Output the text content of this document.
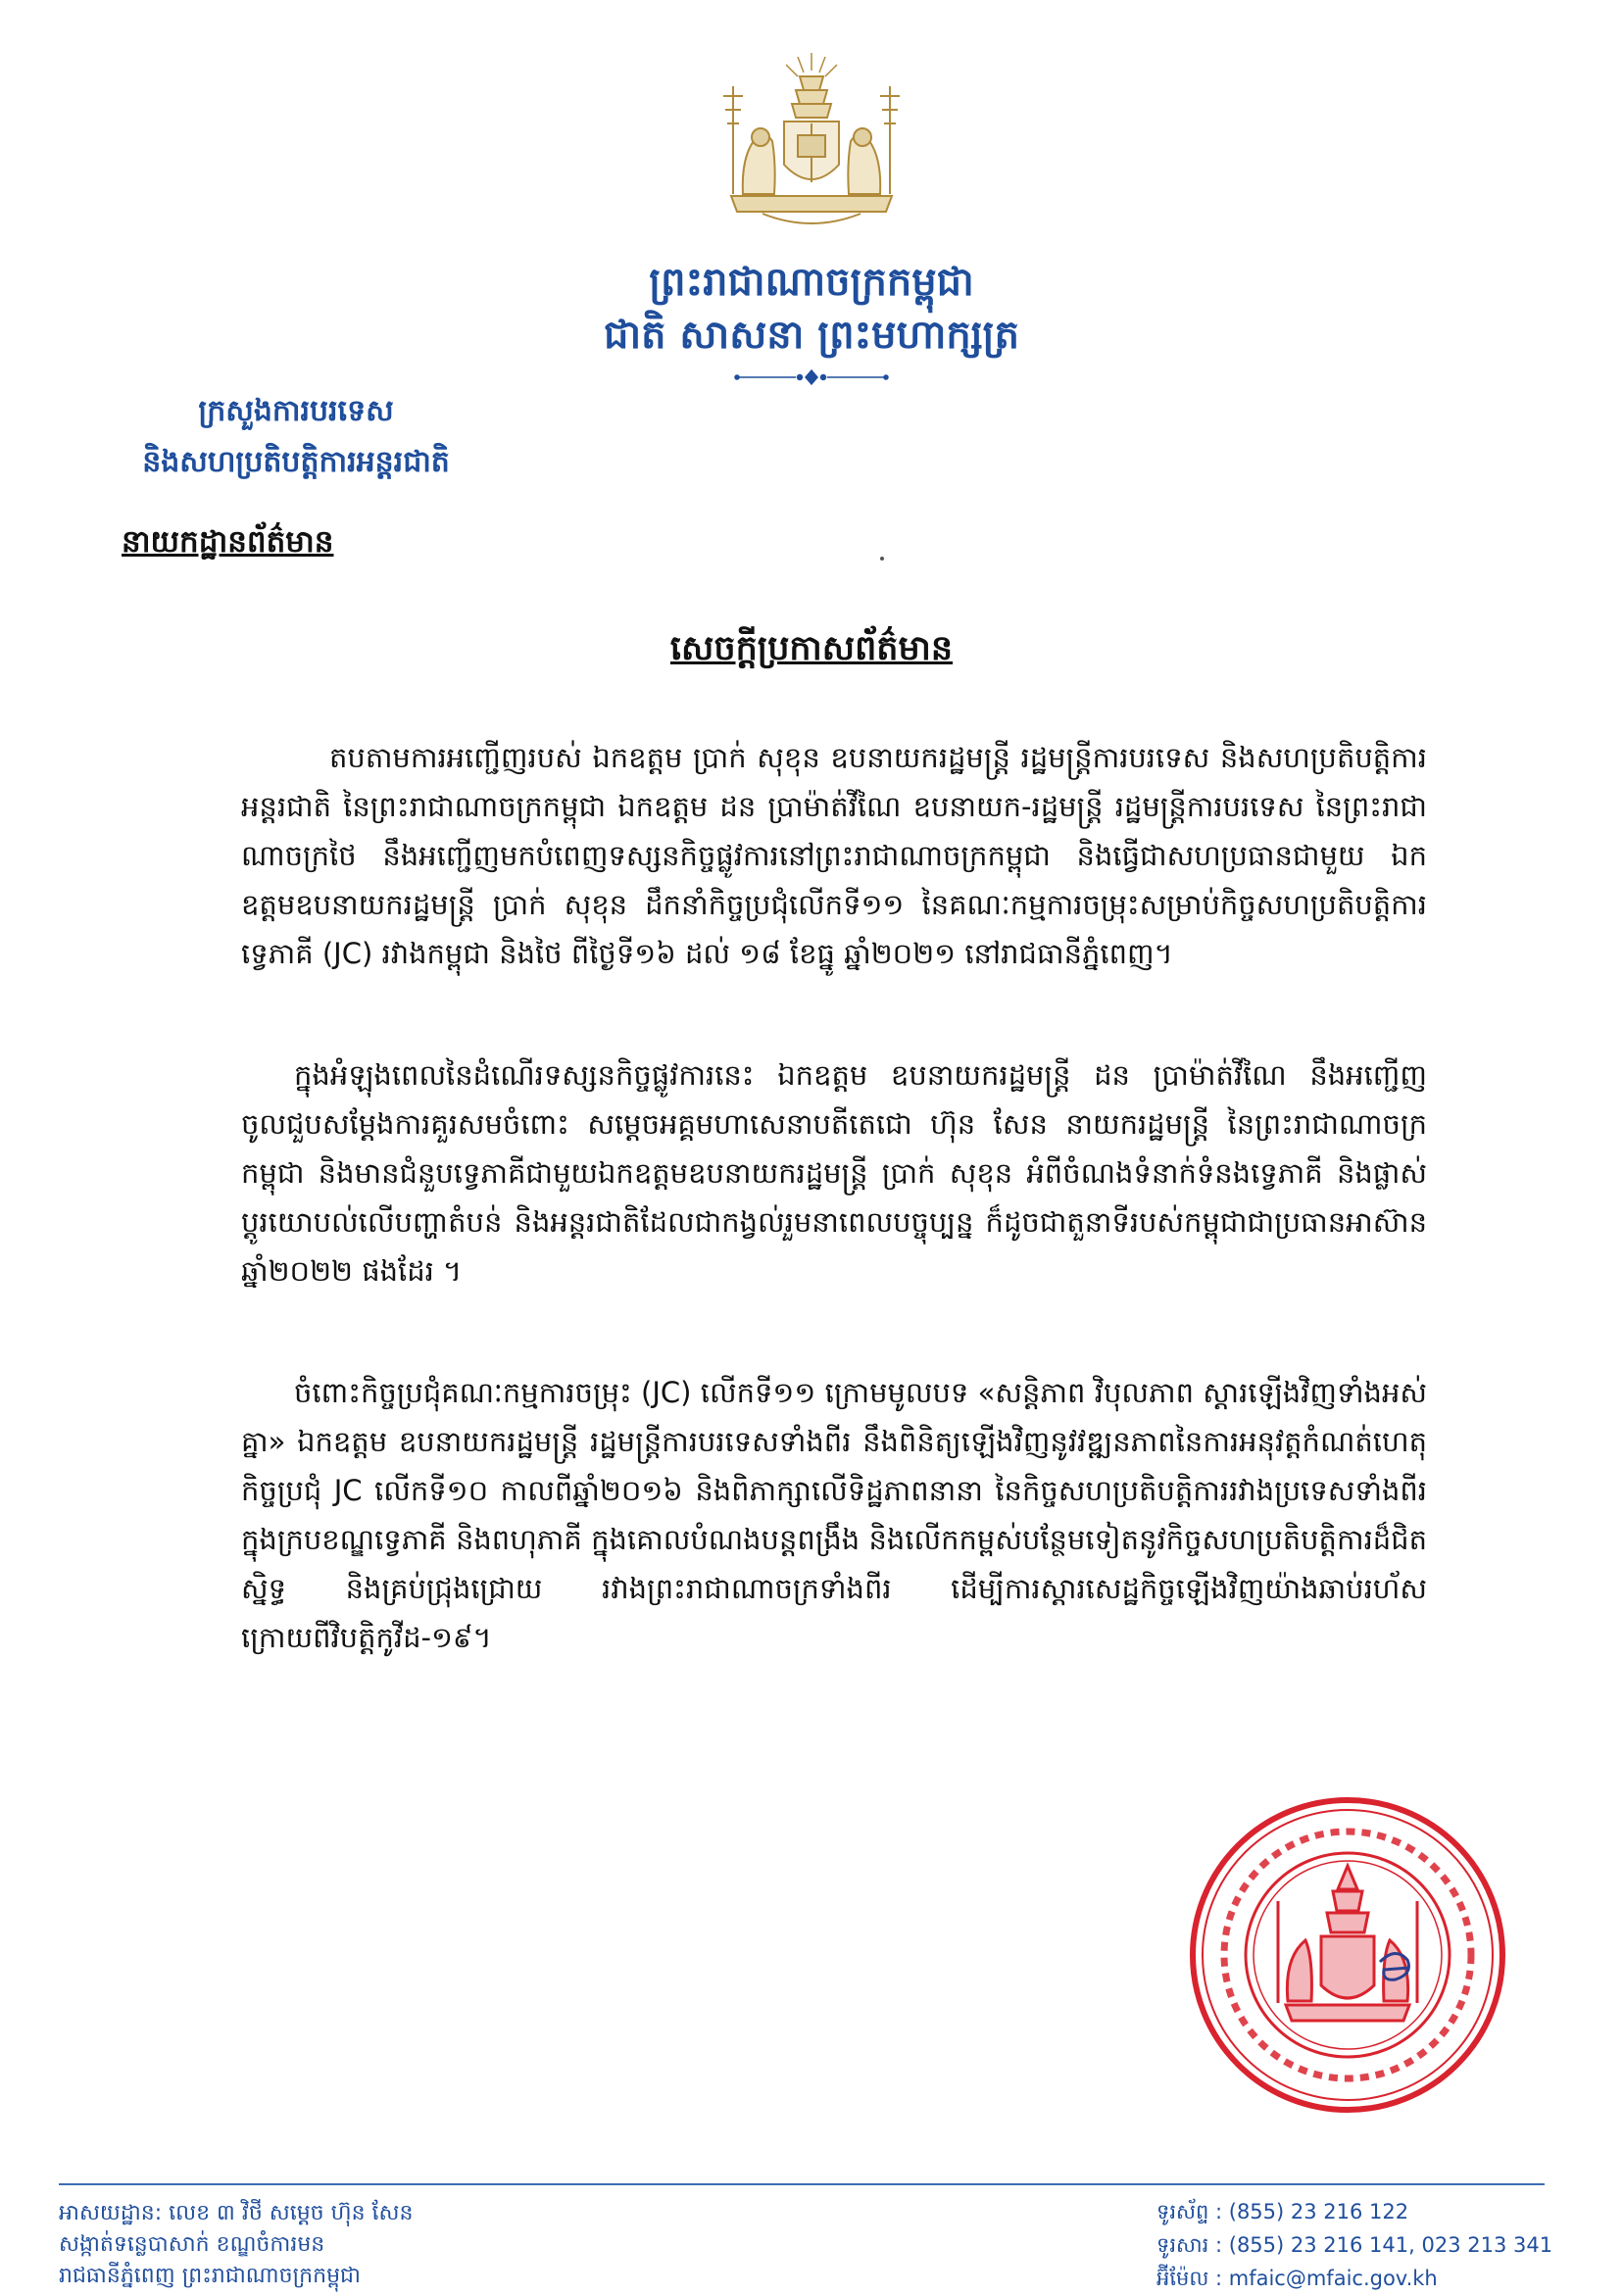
ព្រះរាជាណាចក្រកម្ពុជា
ជាតិ សាសនា ព្រះមហាក្សត្រ
ក្រសួងការបរទេស
និងសហប្រតិបត្តិការអន្តរជាតិ
នាយកដ្ឋានព័ត៌មាន
សេចក្ដីប្រកាសព័ត៌មាន

តបតាមការអញ្ជើញរបស់ ឯកឧត្តម ប្រាក់ សុខុន ឧបនាយករដ្ឋមន្ត្រី រដ្ឋមន្ត្រីការបរទេស និងសហប្រតិបត្តិការអន្តរជាតិ នៃព្រះរាជាណាចក្រកម្ពុជា ឯកឧត្តម ដន ប្រាម៉ាត់វីណៃ ឧបនាយក-រដ្ឋមន្ត្រី រដ្ឋមន្ត្រីការបរទេស នៃព្រះរាជាណាចក្រថៃ នឹងអញ្ជើញមកបំពេញទស្សនកិច្ចផ្លូវការនៅព្រះរាជាណាចក្រកម្ពុជា និងធ្វើជាសហប្រធានជាមួយ ឯកឧត្តមឧបនាយករដ្ឋមន្ត្រី ប្រាក់ សុខុន ដឹកនាំកិច្ចប្រជុំលើកទី១១ នៃគណៈកម្មការចម្រុះសម្រាប់កិច្ចសហប្រតិបត្តិការទ្វេភាគី (JC) រវាងកម្ពុជា និងថៃ ពីថ្ងៃទី១៦ ដល់ ១៨ ខែធ្នូ ឆ្នាំ២០២១ នៅរាជធានីភ្នំពេញ។

ក្នុងអំឡុងពេលនៃដំណើរទស្សនកិច្ចផ្លូវការនេះ ឯកឧត្តម ឧបនាយករដ្ឋមន្ត្រី ដន ប្រាម៉ាត់វីណៃ នឹងអញ្ជើញចូលជួបសម្ដែងការគួរសមចំពោះ សម្ដេចអគ្គមហាសេនាបតីតេជោ ហ៊ុន សែន នាយករដ្ឋមន្ត្រី នៃព្រះរាជាណាចក្រកម្ពុជា និងមានជំនួបទ្វេភាគីជាមួយឯកឧត្តមឧបនាយករដ្ឋមន្ត្រី ប្រាក់ សុខុន អំពីចំណងទំនាក់ទំនងទ្វេភាគី និងផ្លាស់ប្ដូរយោបល់លើបញ្ហាតំបន់ និងអន្តរជាតិដែលជាកង្វល់រួមនាពេលបច្ចុប្បន្ន ក៏ដូចជាតួនាទីរបស់កម្ពុជាជាប្រធានអាស៊ាន ឆ្នាំ២០២២ ផងដែរ ។

ចំពោះកិច្ចប្រជុំគណៈកម្មការចម្រុះ (JC) លើកទី១១ ក្រោមមូលបទ «សន្តិភាព វិបុលភាព ស្តារឡើងវិញទាំងអស់គ្នា» ឯកឧត្តម ឧបនាយករដ្ឋមន្ត្រី រដ្ឋមន្ត្រីការបរទេសទាំងពីរ នឹងពិនិត្យឡើងវិញនូវវឌ្ឍនភាពនៃការអនុវត្តកំណត់ហេតុកិច្ចប្រជុំ JC លើកទី១០ កាលពីឆ្នាំ២០១៦ និងពិភាក្សាលើទិដ្ឋភាពនានា នៃកិច្ចសហប្រតិបត្តិការរវាងប្រទេសទាំងពីរ ក្នុងក្របខណ្ឌទ្វេភាគី និងពហុភាគី ក្នុងគោលបំណងបន្តពង្រឹង និងលើកកម្ពស់បន្ថែមទៀតនូវកិច្ចសហប្រតិបត្តិការដ៏ជិតស្និទ្ធ និងគ្រប់ជ្រុងជ្រោយ រវាងព្រះរាជាណាចក្រទាំងពីរ ដើម្បីការស្តារសេដ្ឋកិច្ចឡើងវិញយ៉ាងឆាប់រហ័ស ក្រោយពីវិបត្តិកូវីដ-១៩។

អាសយដ្ឋាន: លេខ ៣ វិថី សម្ដេច ហ៊ុន សែន
សង្កាត់ទន្លេបាសាក់ ខណ្ឌចំការមន
រាជធានីភ្នំពេញ ព្រះរាជាណាចក្រកម្ពុជា
ទូរស័ព្ទ : (855) 23 216 122
ទូរសារ : (855) 23 216 141, 023 213 341
អ៊ីម៉ែល : mfaic@mfaic.gov.kh
